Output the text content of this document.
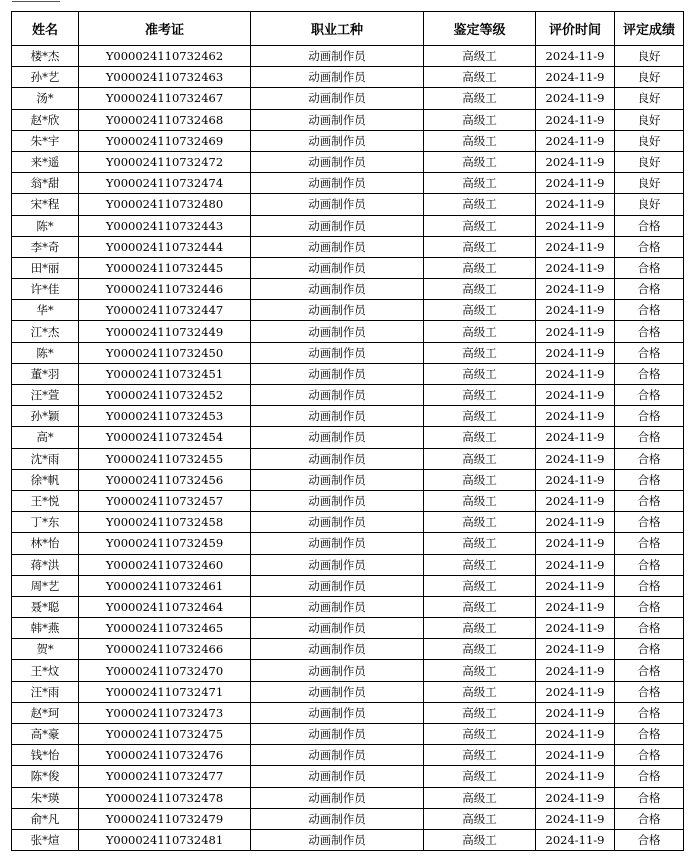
姓名	准考证	职业工种	鉴定等级	评价时间	评定成绩
楼*杰	Y000024110732462	动画制作员	高级工	2024-11-9	良好
孙*艺	Y000024110732463	动画制作员	高级工	2024-11-9	良好
汤*	Y000024110732467	动画制作员	高级工	2024-11-9	良好
赵*欣	Y000024110732468	动画制作员	高级工	2024-11-9	良好
朱*宇	Y000024110732469	动画制作员	高级工	2024-11-9	良好
来*遥	Y000024110732472	动画制作员	高级工	2024-11-9	良好
翁*甜	Y000024110732474	动画制作员	高级工	2024-11-9	良好
宋*程	Y000024110732480	动画制作员	高级工	2024-11-9	良好
陈*	Y000024110732443	动画制作员	高级工	2024-11-9	合格
李*奇	Y000024110732444	动画制作员	高级工	2024-11-9	合格
田*丽	Y000024110732445	动画制作员	高级工	2024-11-9	合格
许*佳	Y000024110732446	动画制作员	高级工	2024-11-9	合格
华*	Y000024110732447	动画制作员	高级工	2024-11-9	合格
江*杰	Y000024110732449	动画制作员	高级工	2024-11-9	合格
陈*	Y000024110732450	动画制作员	高级工	2024-11-9	合格
董*羽	Y000024110732451	动画制作员	高级工	2024-11-9	合格
汪*萱	Y000024110732452	动画制作员	高级工	2024-11-9	合格
孙*颖	Y000024110732453	动画制作员	高级工	2024-11-9	合格
高*	Y000024110732454	动画制作员	高级工	2024-11-9	合格
沈*雨	Y000024110732455	动画制作员	高级工	2024-11-9	合格
徐*帆	Y000024110732456	动画制作员	高级工	2024-11-9	合格
王*悦	Y000024110732457	动画制作员	高级工	2024-11-9	合格
丁*东	Y000024110732458	动画制作员	高级工	2024-11-9	合格
林*怡	Y000024110732459	动画制作员	高级工	2024-11-9	合格
蒋*洪	Y000024110732460	动画制作员	高级工	2024-11-9	合格
周*艺	Y000024110732461	动画制作员	高级工	2024-11-9	合格
聂*聪	Y000024110732464	动画制作员	高级工	2024-11-9	合格
韩*燕	Y000024110732465	动画制作员	高级工	2024-11-9	合格
贺*	Y000024110732466	动画制作员	高级工	2024-11-9	合格
王*炆	Y000024110732470	动画制作员	高级工	2024-11-9	合格
汪*雨	Y000024110732471	动画制作员	高级工	2024-11-9	合格
赵*珂	Y000024110732473	动画制作员	高级工	2024-11-9	合格
高*豪	Y000024110732475	动画制作员	高级工	2024-11-9	合格
钱*怡	Y000024110732476	动画制作员	高级工	2024-11-9	合格
陈*俊	Y000024110732477	动画制作员	高级工	2024-11-9	合格
朱*瑛	Y000024110732478	动画制作员	高级工	2024-11-9	合格
俞*凡	Y000024110732479	动画制作员	高级工	2024-11-9	合格
张*煊	Y000024110732481	动画制作员	高级工	2024-11-9	合格
